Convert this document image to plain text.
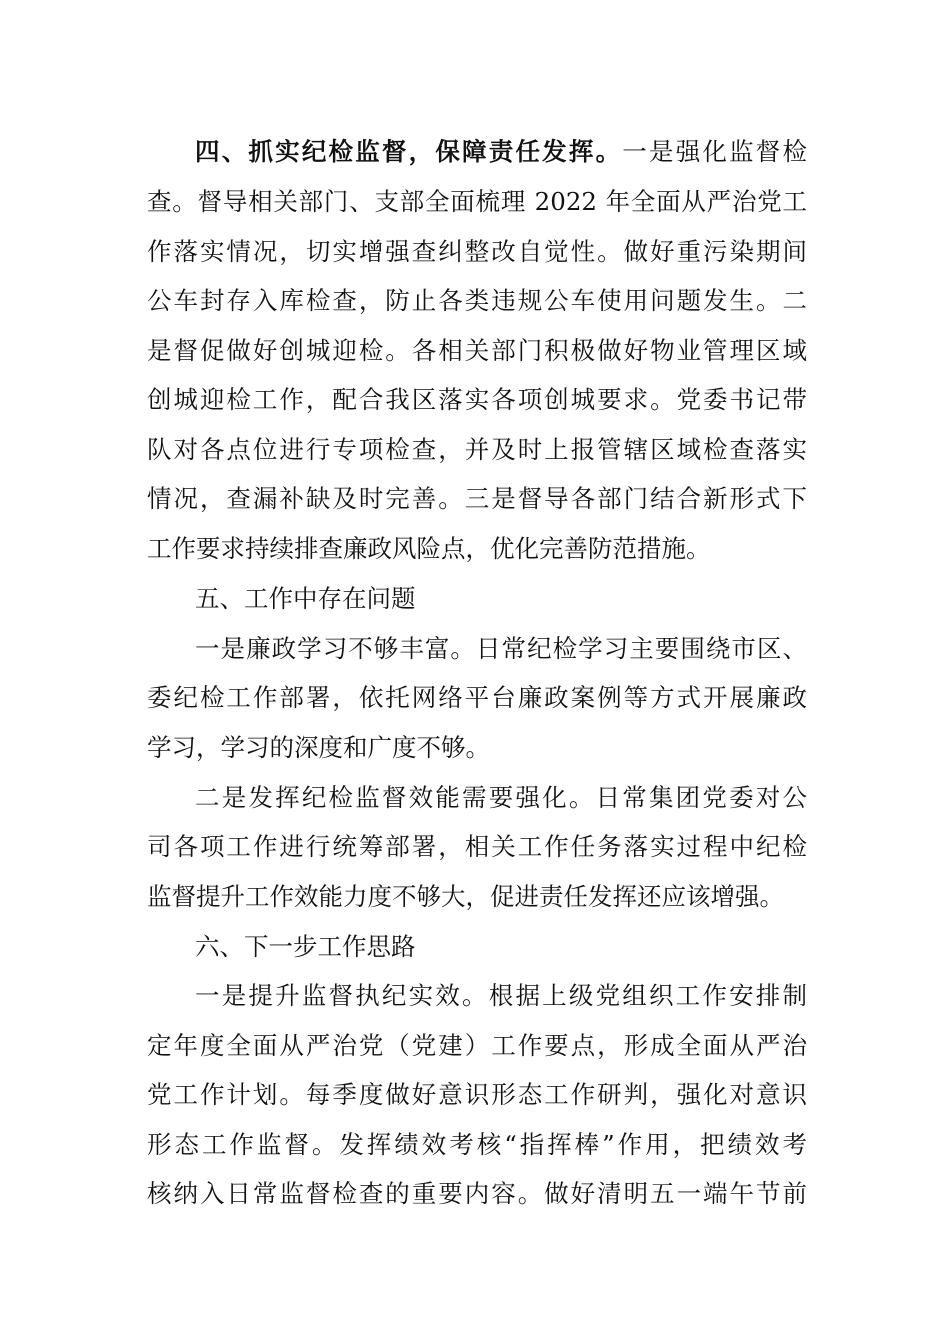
四、抓实纪检监督，保障责任发挥。一是强化监督检
查。督导相关部门、支部全面梳理 2022 年全面从严治党工
作落实情况，切实增强查纠整改自觉性。做好重污染期间
公车封存入库检查，防止各类违规公车使用问题发生。二
是督促做好创城迎检。各相关部门积极做好物业管理区域
创城迎检工作，配合我区落实各项创城要求。党委书记带
队对各点位进行专项检查，并及时上报管辖区域检查落实
情况，查漏补缺及时完善。三是督导各部门结合新形式下
工作要求持续排查廉政风险点，优化完善防范措施。
五、工作中存在问题
一是廉政学习不够丰富。日常纪检学习主要围绕市区、
委纪检工作部署，依托网络平台廉政案例等方式开展廉政
学习，学习的深度和广度不够。
二是发挥纪检监督效能需要强化。日常集团党委对公
司各项工作进行统筹部署，相关工作任务落实过程中纪检
监督提升工作效能力度不够大，促进责任发挥还应该增强。
六、下一步工作思路
一是提升监督执纪实效。根据上级党组织工作安排制
定年度全面从严治党（党建）工作要点，形成全面从严治
党工作计划。每季度做好意识形态工作研判，强化对意识
形态工作监督。发挥绩效考核“指挥棒”作用，把绩效考
核纳入日常监督检查的重要内容。做好清明五一端午节前
